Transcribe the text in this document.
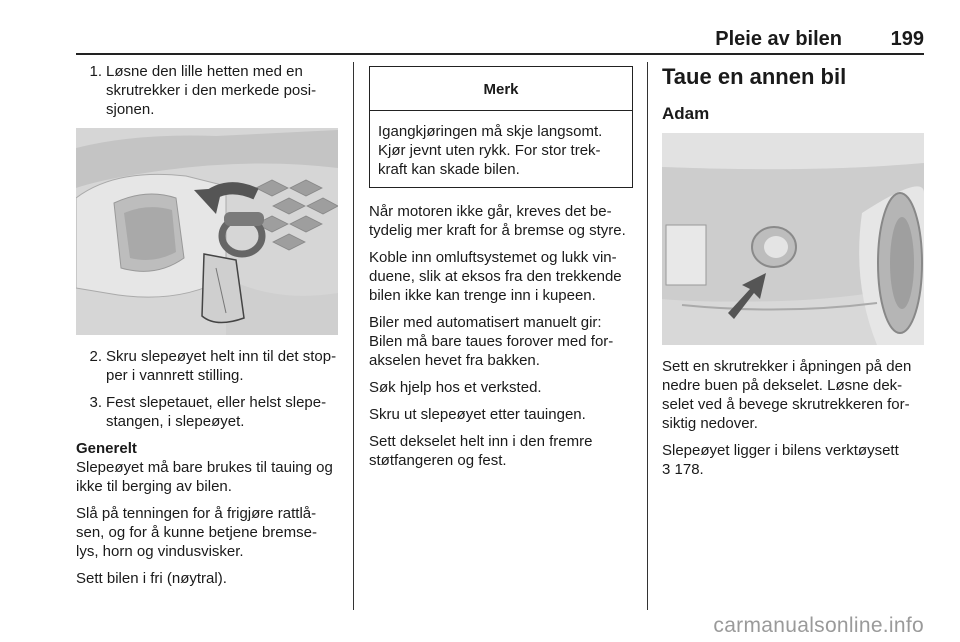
Pleie av bilen 199
1. Løsne den lille hetten med en skrutrekker i den merkede posi-sjonen.
2. Skru slepeøyet helt inn til det stop-per i vannrett stilling.
3. Fest slepetauet, eller helst slepe-stangen, i slepeøyet.

Generelt

Slepeøyet må bare brukes til tauing og ikke til berging av bilen.

Slå på tenningen for å frigjøre rattlå-sen, og for å kunne betjene bremse-lys, horn og vindusvisker.

Sett bilen i fri (nøytral).

Merk
Igangkjøringen må skje langsomt. Kjør jevnt uten rykk. For stor trek-kraft kan skade bilen.

Når motoren ikke går, kreves det be-tydelig mer kraft for å bremse og styre.

Koble inn omluftsystemet og lukk vin-duene, slik at eksos fra den trekkende bilen ikke kan trenge inn i kupeen.

Biler med automatisert manuelt gir: Bilen må bare taues forover med for-akselen hevet fra bakken.

Søk hjelp hos et verksted.

Skru ut slepeøyet etter tauingen.

Sett dekselet helt inn i den fremre støtfangeren og fest.

Taue en annen bil
Adam

Sett en skrutrekker i åpningen på den nedre buen på dekselet. Løsne dek-selet ved å bevege skrutrekkeren for-siktig nedover.

Slepeøyet ligger i bilens verktøysett

3 178.

carmanualsonline.info
